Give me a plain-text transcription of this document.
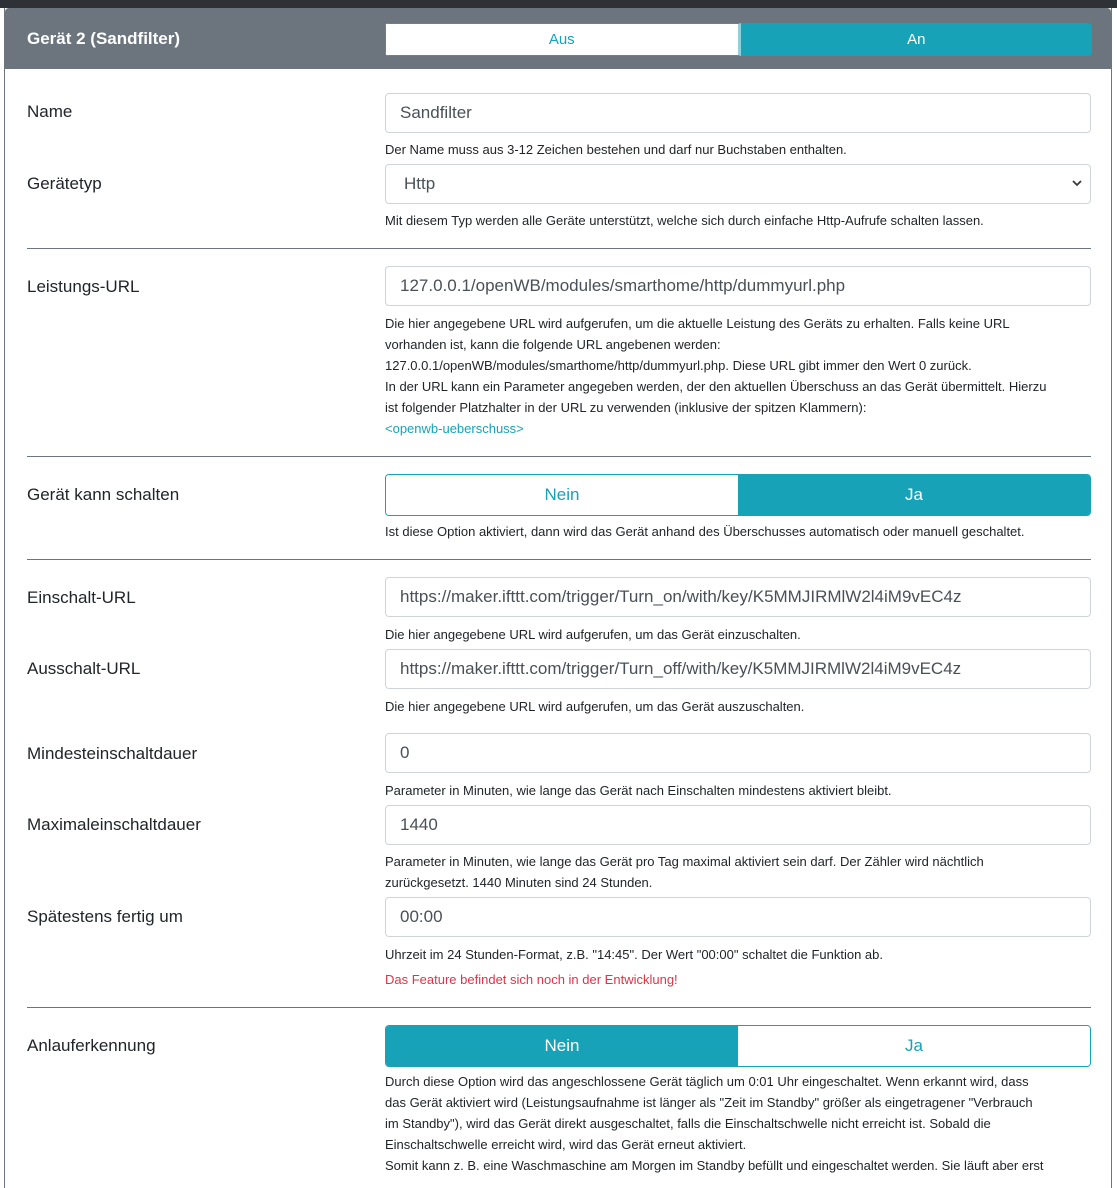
Gerät 2 (Sandfilter)	Aus	An
Name	Sandfilter
Der Name muss aus 3-12 Zeichen bestehen und darf nur Buchstaben enthalten.
Gerätetyp	Http
Mit diesem Typ werden alle Geräte unterstützt, welche sich durch einfache Http-Aufrufe schalten lassen.
Leistungs-URL	127.0.0.1/openWB/modules/smarthome/http/dummyurl.php
Die hier angegebene URL wird aufgerufen, um die aktuelle Leistung des Geräts zu erhalten. Falls keine URL
vorhanden ist, kann die folgende URL angebenen werden:
127.0.0.1/openWB/modules/smarthome/http/dummyurl.php. Diese URL gibt immer den Wert 0 zurück.
In der URL kann ein Parameter angegeben werden, der den aktuellen Überschuss an das Gerät übermittelt. Hierzu
ist folgender Platzhalter in der URL zu verwenden (inklusive der spitzen Klammern):
<openwb-ueberschuss>
Gerät kann schalten	Nein	Ja
Ist diese Option aktiviert, dann wird das Gerät anhand des Überschusses automatisch oder manuell geschaltet.
Einschalt-URL	https://maker.ifttt.com/trigger/Turn_on/with/key/K5MMJIRMlW2l4iM9vEC4z
Die hier angegebene URL wird aufgerufen, um das Gerät einzuschalten.
Ausschalt-URL	https://maker.ifttt.com/trigger/Turn_off/with/key/K5MMJIRMlW2l4iM9vEC4z
Die hier angegebene URL wird aufgerufen, um das Gerät auszuschalten.
Mindesteinschaltdauer	0
Parameter in Minuten, wie lange das Gerät nach Einschalten mindestens aktiviert bleibt.
Maximaleinschaltdauer	1440
Parameter in Minuten, wie lange das Gerät pro Tag maximal aktiviert sein darf. Der Zähler wird nächtlich
zurückgesetzt. 1440 Minuten sind 24 Stunden.
Spätestens fertig um	00:00
Uhrzeit im 24 Stunden-Format, z.B. "14:45". Der Wert "00:00" schaltet die Funktion ab.
Das Feature befindet sich noch in der Entwicklung!
Anlauferkennung	Nein	Ja
Durch diese Option wird das angeschlossene Gerät täglich um 0:01 Uhr eingeschaltet. Wenn erkannt wird, dass
das Gerät aktiviert wird (Leistungsaufnahme ist länger als "Zeit im Standby" größer als eingetragener "Verbrauch
im Standby"), wird das Gerät direkt ausgeschaltet, falls die Einschaltschwelle nicht erreicht ist. Sobald die
Einschaltschwelle erreicht wird, wird das Gerät erneut aktiviert.
Somit kann z. B. eine Waschmaschine am Morgen im Standby befüllt und eingeschaltet werden. Sie läuft aber erst
